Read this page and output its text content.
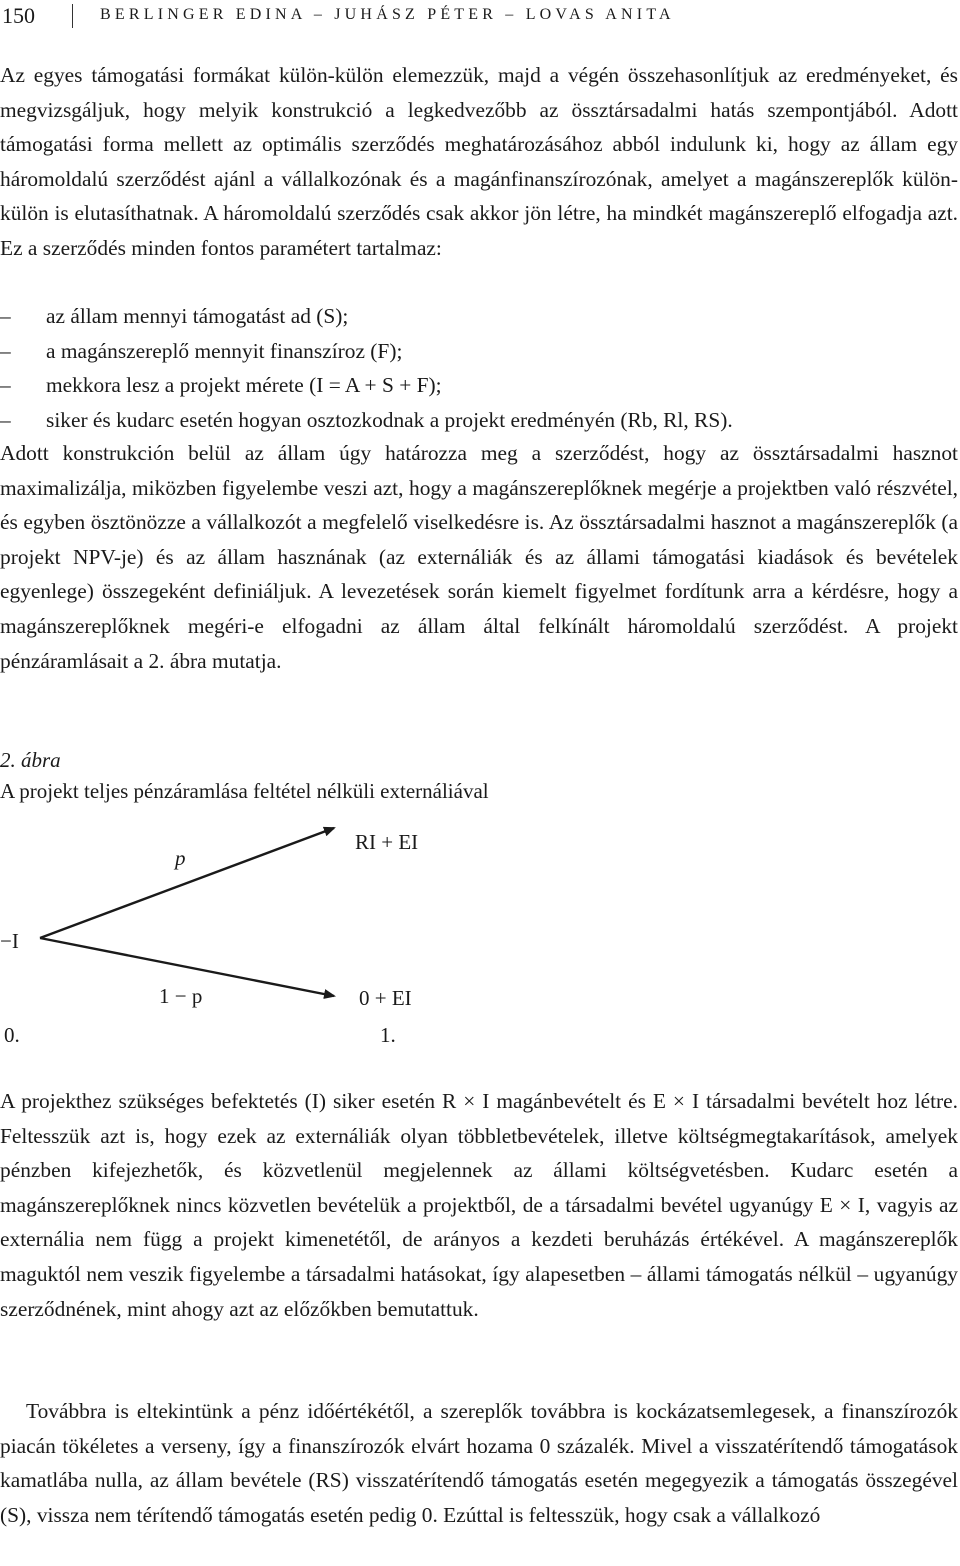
150	BERLINGER EDINA – JUHÁSZ PÉTER – LOVAS ANITA

Az egyes támogatási formákat külön-külön elemezzük, majd a végén összehasonlítjuk az eredményeket, és megvizsgáljuk, hogy melyik konstrukció a legkedvezőbb az össztársadalmi hatás szempontjából. Adott támogatási forma mellett az optimális szerződés meghatározásához abból indulunk ki, hogy az állam egy háromoldalú szerződést ajánl a vállalkozónak és a magánfinanszírozónak, amelyet a magánszereplők külön-külön is elutasíthatnak. A háromoldalú szerződés csak akkor jön létre, ha mindkét magánszereplő elfogadja azt. Ez a szerződés minden fontos paramétert tartalmaz:

– az állam mennyi támogatást ad (S);
– a magánszereplő mennyit finanszíroz (F);
– mekkora lesz a projekt mérete (I = A + S + F);
– siker és kudarc esetén hogyan osztozkodnak a projekt eredményén (Rb, Rl, RS).

Adott konstrukción belül az állam úgy határozza meg a szerződést, hogy az össztársadalmi hasznot maximalizálja, miközben figyelembe veszi azt, hogy a magánszereplőknek megérje a projektben való részvétel, és egyben ösztönözze a vállalkozót a megfelelő viselkedésre is. Az össztársadalmi hasznot a magánszereplők (a projekt NPV-je) és az állam hasznának (az externáliák és az állami támogatási kiadások és bevételek egyenlege) összegeként definiáljuk. A levezetések során kiemelt figyelmet fordítunk arra a kérdésre, hogy a magánszereplőknek megéri-e elfogadni az állam által felkínált háromoldalú szerződést. A projekt pénzáramlásait a 2. ábra mutatja.

2. ábra
A projekt teljes pénzáramlása feltétel nélküli externáliával
−I
RI + EI
0 + EI
p
1 − p
0.	1.

A projekthez szükséges befektetés (I) siker esetén R × I magánbevételt és E × I társadalmi bevételt hoz létre. Feltesszük azt is, hogy ezek az externáliák olyan többletbevételek, illetve költségmegtakarítások, amelyek pénzben kifejezhetők, és közvetlenül megjelennek az állami költségvetésben. Kudarc esetén a magánszereplőknek nincs közvetlen bevételük a projektből, de a társadalmi bevétel ugyanúgy E × I, vagyis az externália nem függ a projekt kimenetétől, de arányos a kezdeti beruházás értékével. A magánszereplők maguktól nem veszik figyelembe a társadalmi hatásokat, így alapesetben – állami támogatás nélkül – ugyanúgy szerződnének, mint ahogy azt az előzőkben bemutattuk.

Továbbra is eltekintünk a pénz időértékétől, a szereplők továbbra is kockázatsemlegesek, a finanszírozók piacán tökéletes a verseny, így a finanszírozók elvárt hozama 0 százalék. Mivel a visszatérítendő támogatások kamatlába nulla, az állam bevétele (RS) visszatérítendő támogatás esetén megegyezik a támogatás összegével (S), vissza nem térítendő támogatás esetén pedig 0. Ezúttal is feltesszük, hogy csak a vállalkozó
